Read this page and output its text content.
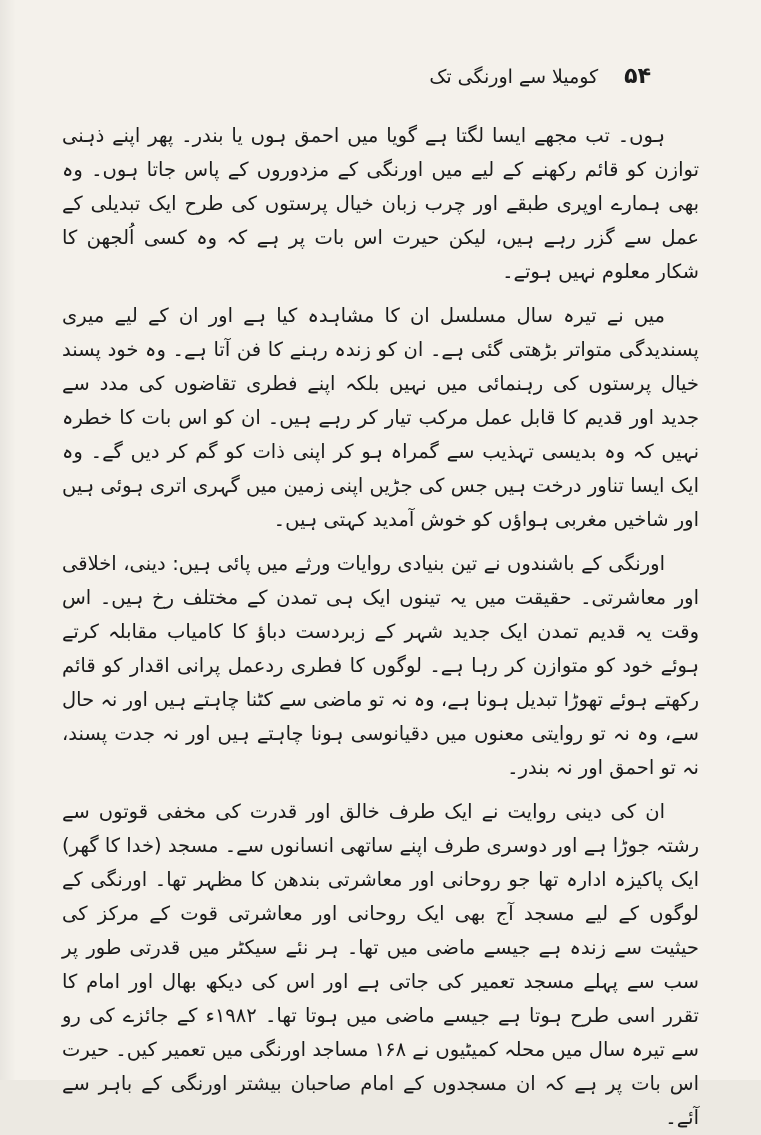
۵۴
کومیلا سے اورنگی تک

ہوں۔ تب مجھے ایسا لگتا ہے گویا میں احمق ہوں یا بندر۔ پھر اپنے ذہنی توازن کو قائم رکھنے کے لیے میں اورنگی کے مزدوروں کے پاس جاتا ہوں۔ وہ بھی ہمارے اوپری طبقے اور چرب زبان خیال پرستوں کی طرح ایک تبدیلی کے عمل سے گزر رہے ہیں، لیکن حیرت اس بات پر ہے کہ وہ کسی اُلجھن کا شکار معلوم نہیں ہوتے۔

میں نے تیرہ سال مسلسل ان کا مشاہدہ کیا ہے اور ان کے لیے میری پسندیدگی متواتر بڑھتی گئی ہے۔ ان کو زندہ رہنے کا فن آتا ہے۔ وہ خود پسند خیال پرستوں کی رہنمائی میں نہیں بلکہ اپنے فطری تقاضوں کی مدد سے جدید اور قدیم کا قابل عمل مرکب تیار کر رہے ہیں۔ ان کو اس بات کا خطرہ نہیں کہ وہ بدیسی تہذیب سے گمراہ ہو کر اپنی ذات کو گم کر دیں گے۔ وہ ایک ایسا تناور درخت ہیں جس کی جڑیں اپنی زمین میں گہری اتری ہوئی ہیں اور شاخیں مغربی ہواؤں کو خوش آمدید کہتی ہیں۔

اورنگی کے باشندوں نے تین بنیادی روایات ورثے میں پائی ہیں: دینی، اخلاقی اور معاشرتی۔ حقیقت میں یہ تینوں ایک ہی تمدن کے مختلف رخ ہیں۔ اس وقت یہ قدیم تمدن ایک جدید شہر کے زبردست دباؤ کا کامیاب مقابلہ کرتے ہوئے خود کو متوازن کر رہا ہے۔ لوگوں کا فطری ردعمل پرانی اقدار کو قائم رکھتے ہوئے تھوڑا تبدیل ہونا ہے، وہ نہ تو ماضی سے کٹنا چاہتے ہیں اور نہ حال سے، وہ نہ تو روایتی معنوں میں دقیانوسی ہونا چاہتے ہیں اور نہ جدت پسند، نہ تو احمق اور نہ بندر۔

ان کی دینی روایت نے ایک طرف خالق اور قدرت کی مخفی قوتوں سے رشتہ جوڑا ہے اور دوسری طرف اپنے ساتھی انسانوں سے۔ مسجد (خدا کا گھر) ایک پاکیزہ ادارہ تھا جو روحانی اور معاشرتی بندھن کا مظہر تھا۔ اورنگی کے لوگوں کے لیے مسجد آج بھی ایک روحانی اور معاشرتی قوت کے مرکز کی حیثیت سے زندہ ہے جیسے ماضی میں تھا۔ ہر نئے سیکٹر میں قدرتی طور پر سب سے پہلے مسجد تعمیر کی جاتی ہے اور اس کی دیکھ بھال اور امام کا تقرر اسی طرح ہوتا ہے جیسے ماضی میں ہوتا تھا۔ ۱۹۸۲ء کے جائزے کی رو سے تیرہ سال میں محلہ کمیٹیوں نے ۱۶۸ مساجد اورنگی میں تعمیر کیں۔ حیرت اس بات پر ہے کہ ان مسجدوں کے امام صاحبان بیشتر اورنگی کے باہر سے آئے۔
